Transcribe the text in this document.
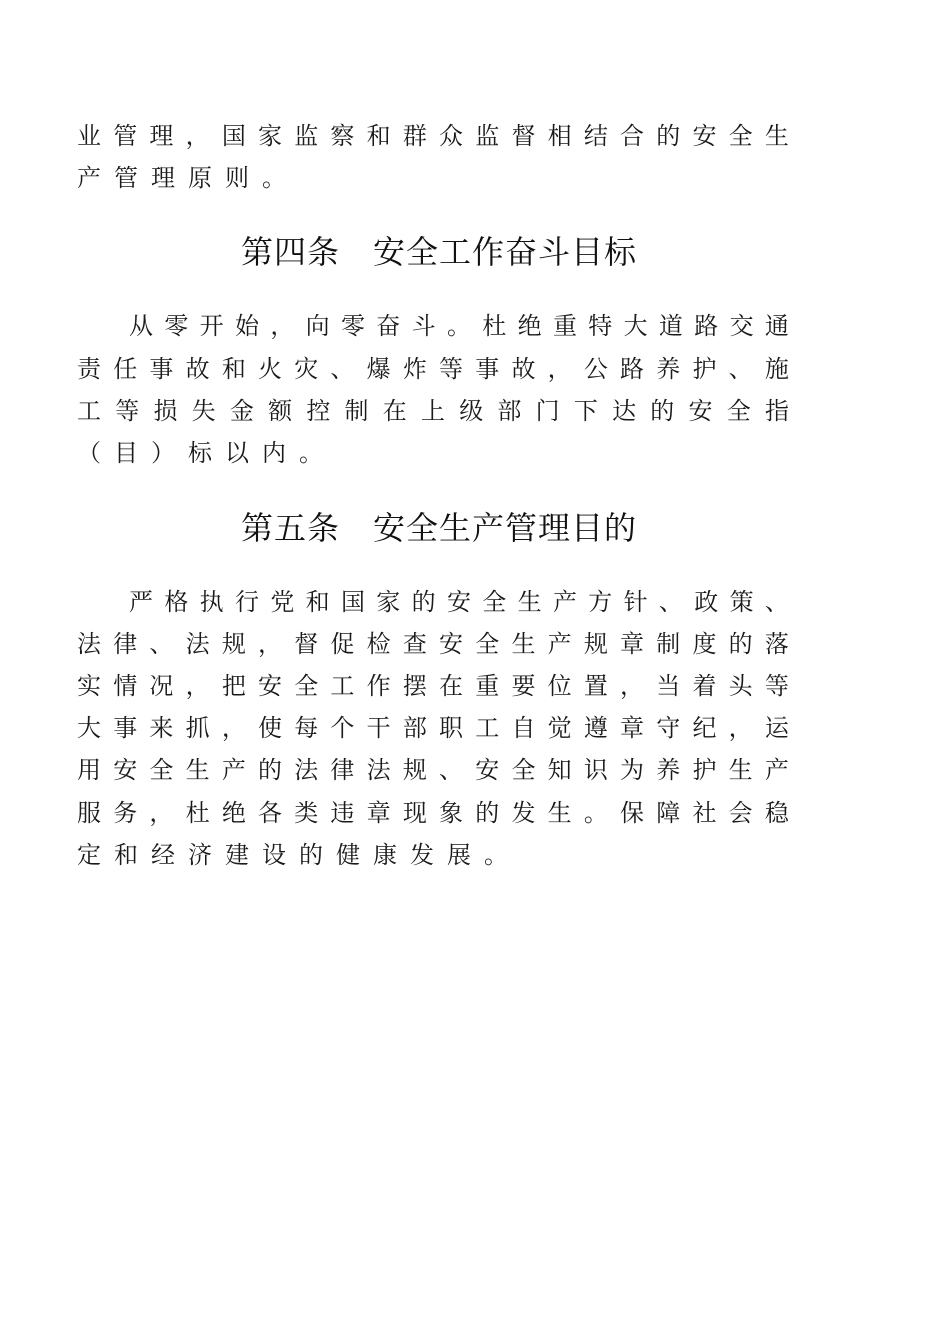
业 管 理 ， 国 家 监 察 和 群 众 监 督 相 结 合 的 安 全 生
产 管 理 原 则 。
第四条　安全工作奋斗目标
从 零 开 始 ， 向 零 奋 斗 。 杜 绝 重 特 大 道 路 交 通
责 任 事 故 和 火 灾 、 爆 炸 等 事 故 ， 公 路 养 护 、 施
工 等 损 失 金 额 控 制 在 上 级 部 门 下 达 的 安 全 指
（ 目 ） 标 以 内 。
第五条　安全生产管理目的
严 格 执 行 党 和 国 家 的 安 全 生 产 方 针 、 政 策 、
法 律 、 法 规 ， 督 促 检 查 安 全 生 产 规 章 制 度 的 落
实 情 况 ， 把 安 全 工 作 摆 在 重 要 位 置 ， 当 着 头 等
大 事 来 抓 ， 使 每 个 干 部 职 工 自 觉 遵 章 守 纪 ， 运
用 安 全 生 产 的 法 律 法 规 、 安 全 知 识 为 养 护 生 产
服 务 ， 杜 绝 各 类 违 章 现 象 的 发 生 。 保 障 社 会 稳
定 和 经 济 建 设 的 健 康 发 展 。
